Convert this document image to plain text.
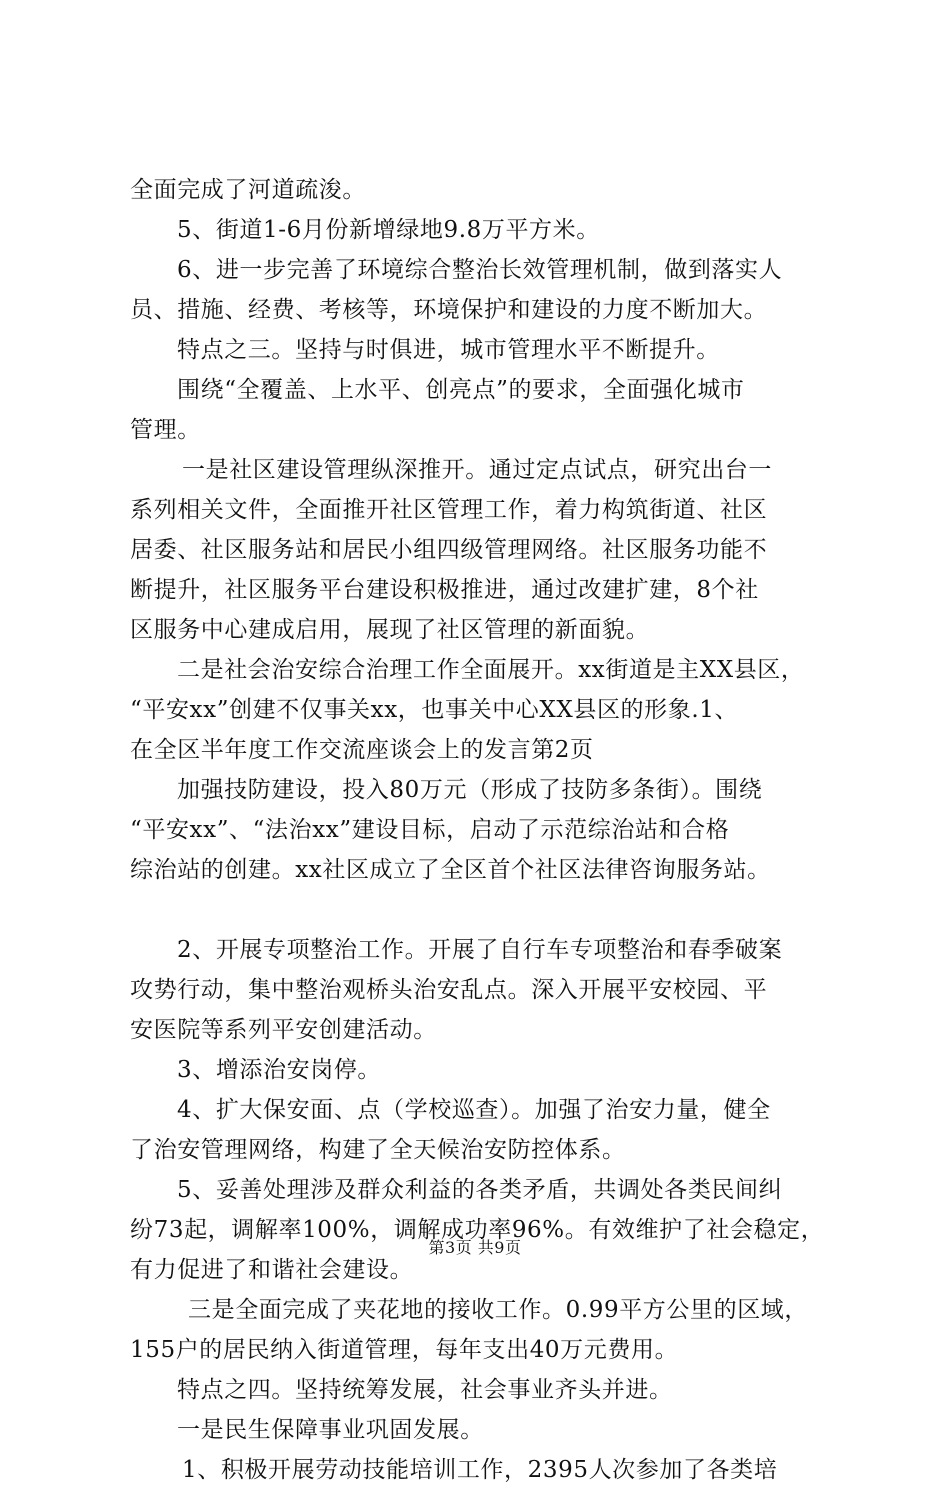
全面完成了河道疏浚。
5、街道1-6月份新增绿地9.8万平方米。
6、进一步完善了环境综合整治长效管理机制，做到落实人
员、措施、经费、考核等，环境保护和建设的力度不断加大。
特点之三。坚持与时俱进，城市管理水平不断提升。
围绕“全覆盖、上水平、创亮点”的要求，全面强化城市
管理。
一是社区建设管理纵深推开。通过定点试点，研究出台一
系列相关文件，全面推开社区管理工作，着力构筑街道、社区
居委、社区服务站和居民小组四级管理网络。社区服务功能不
断提升，社区服务平台建设积极推进，通过改建扩建，8个社
区服务中心建成启用，展现了社区管理的新面貌。
二是社会治安综合治理工作全面展开。xx街道是主XX县区，
“平安xx”创建不仅事关xx，也事关中心XX县区的形象.1、
在全区半年度工作交流座谈会上的发言第2页
加强技防建设，投入80万元（形成了技防多条街）。围绕
“平安xx”、“法治xx”建设目标，启动了示范综治站和合格
综治站的创建。xx社区成立了全区首个社区法律咨询服务站。
2、开展专项整治工作。开展了自行车专项整治和春季破案
攻势行动，集中整治观桥头治安乱点。深入开展平安校园、平
安医院等系列平安创建活动。
3、增添治安岗停。
4、扩大保安面、点（学校巡查）。加强了治安力量，健全
了治安管理网络，构建了全天候治安防控体系。
5、妥善处理涉及群众利益的各类矛盾，共调处各类民间纠
纷73起，调解率100%，调解成功率96%。有效维护了社会稳定，
有力促进了和谐社会建设。
三是全面完成了夹花地的接收工作。0.99平方公里的区域，
155户的居民纳入街道管理，每年支出40万元费用。
特点之四。坚持统筹发展，社会事业齐头并进。
一是民生保障事业巩固发展。
1、积极开展劳动技能培训工作，2395人次参加了各类培
第3页 共9页
